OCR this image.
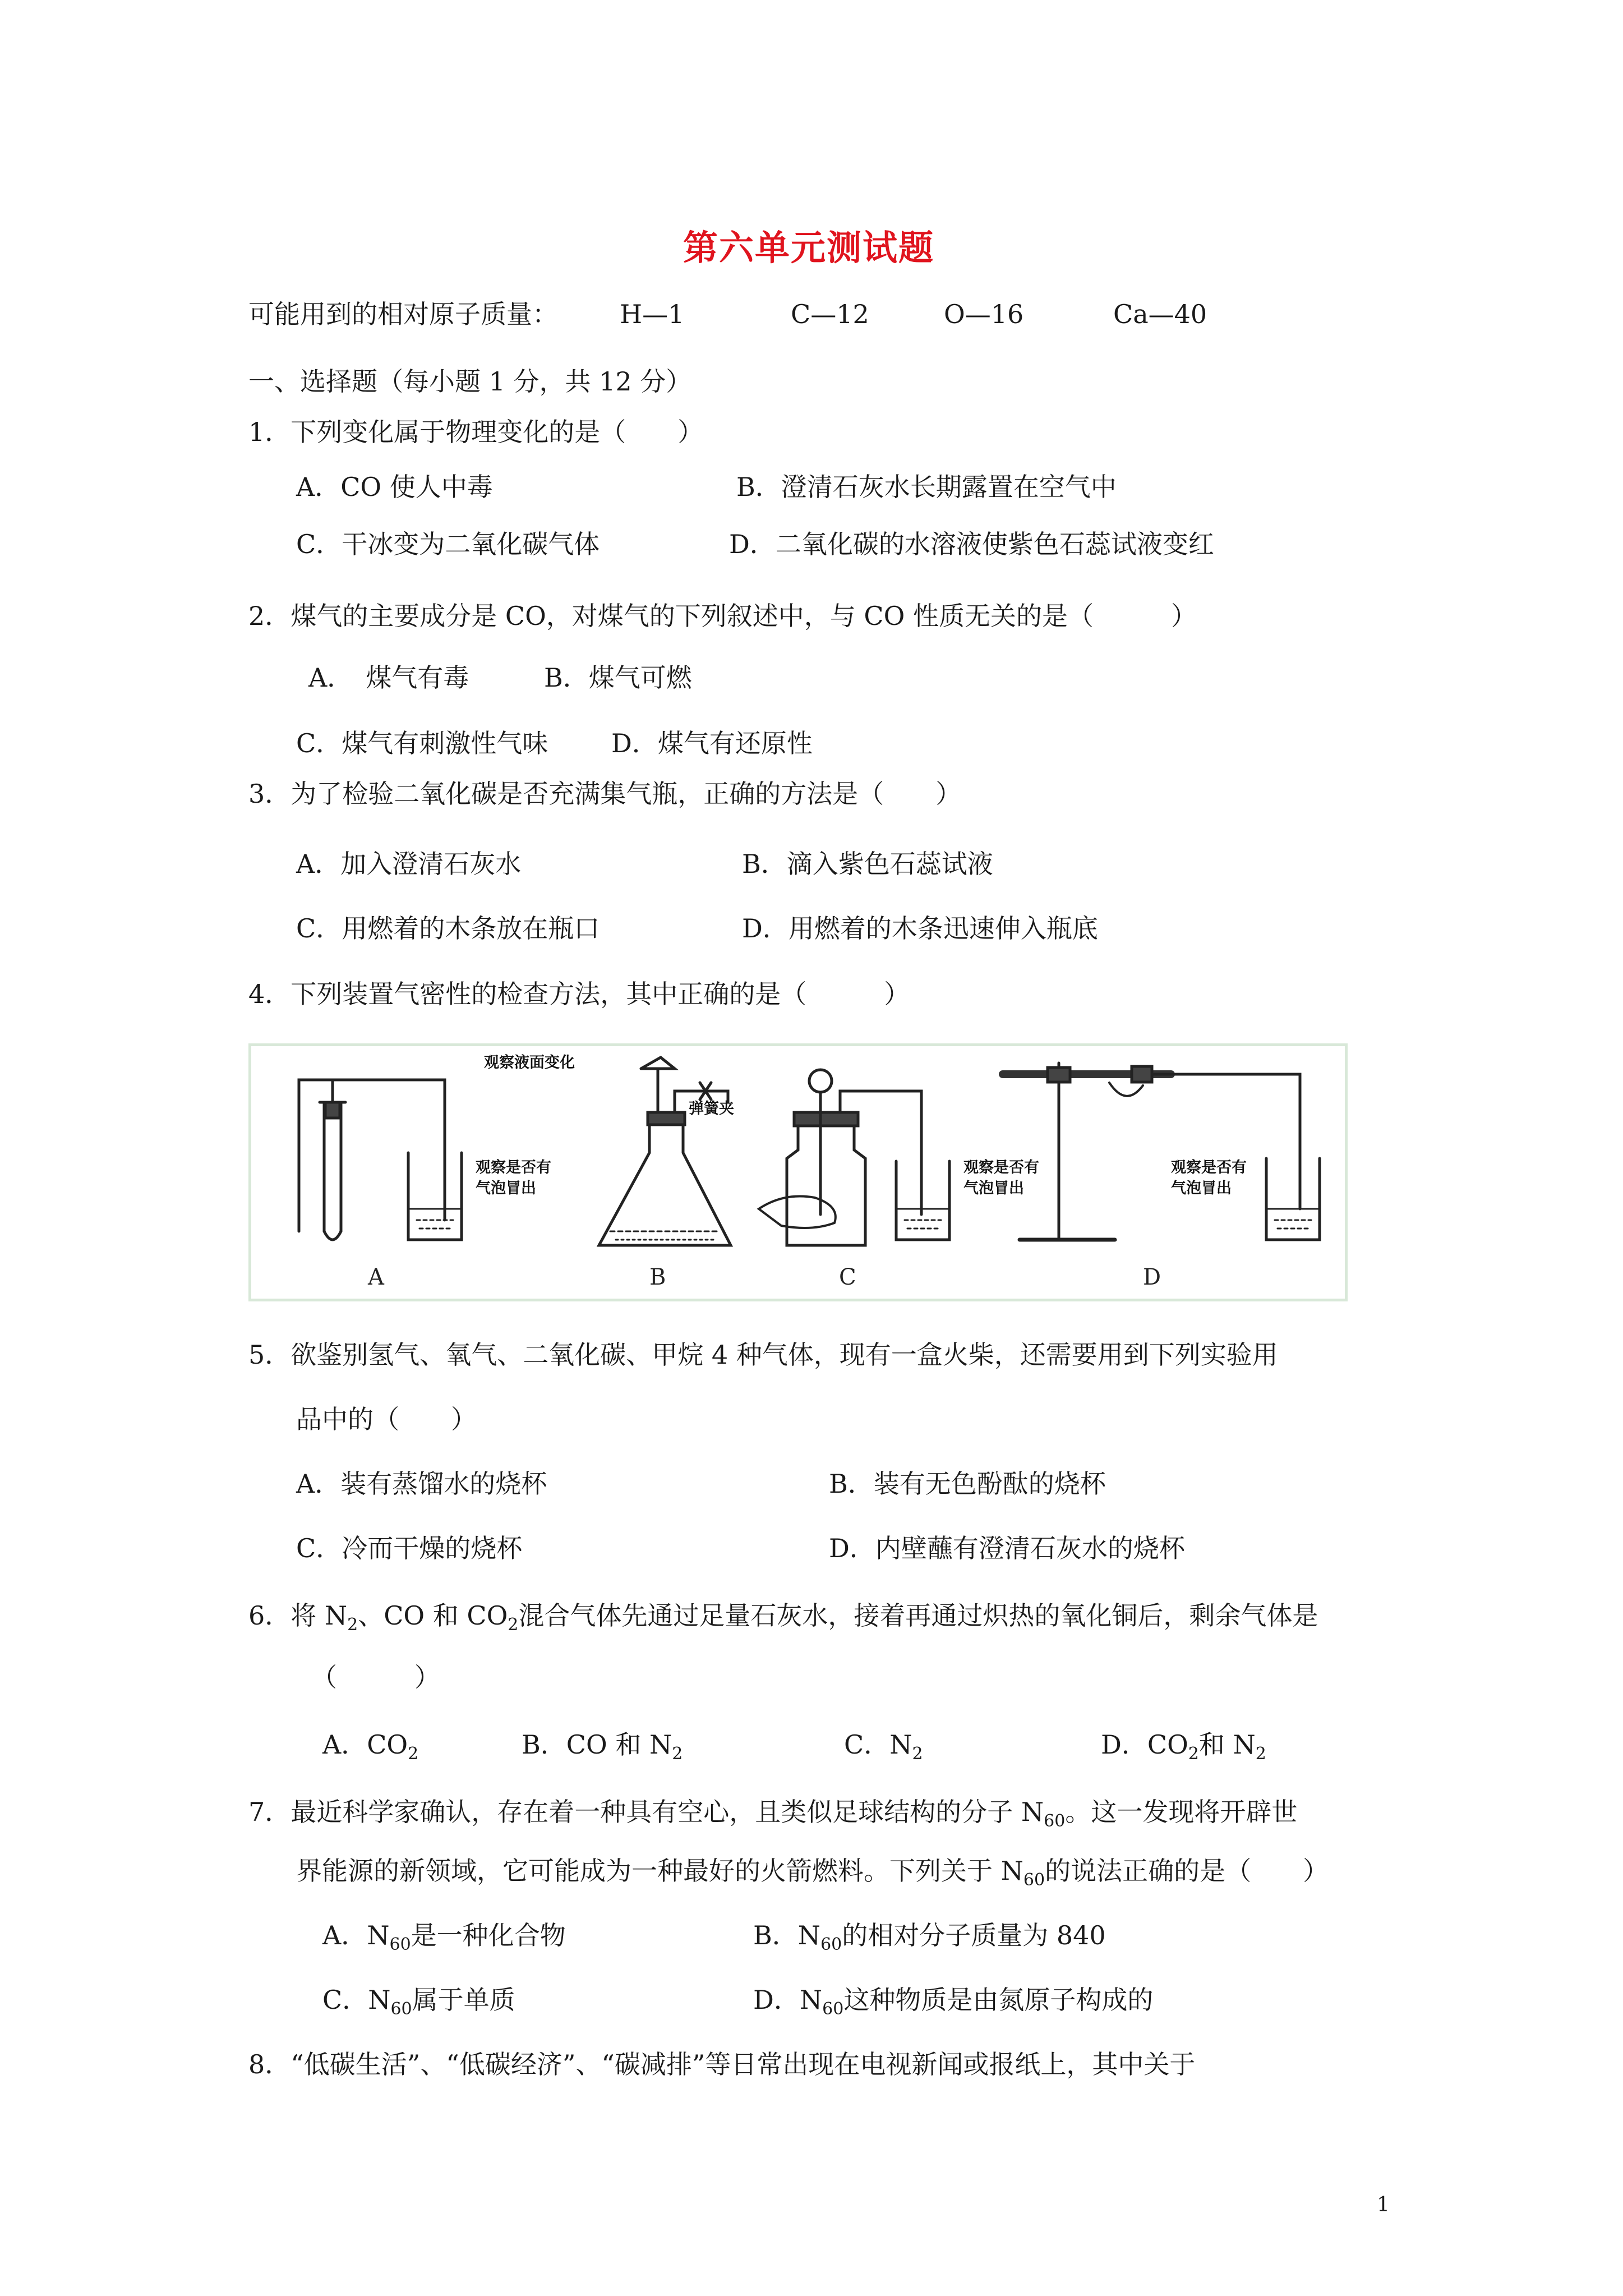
第六单元测试题
可能用到的相对原子质量： H—1	C—12	O—16	Ca—40
一、选择题（每小题 1 分，共 12 分）
1．下列变化属于物理变化的是（　　）
A．CO 使人中毒	B．澄清石灰水长期露置在空气中
C．干冰变为二氧化碳气体	D．二氧化碳的水溶液使紫色石蕊试液变红
2．煤气的主要成分是 CO，对煤气的下列叙述中，与 CO 性质无关的是（　　　）
A．　煤气有毒	B．煤气可燃
C．煤气有刺激性气味 D．煤气有还原性
3．为了检验二氧化碳是否充满集气瓶，正确的方法是（　　）
A．加入澄清石灰水	B．滴入紫色石蕊试液
C．用燃着的木条放在瓶口	D．用燃着的木条迅速伸入瓶底
4．下列装置气密性的检查方法，其中正确的是（　　　）
观察是否有
气泡冒出
观察液面变化
弹簧夹
观察是否有
气泡冒出
观察是否有
气泡冒出
A	B	C	D
5．欲鉴别氢气、氧气、二氧化碳、甲烷 4 种气体，现有一盒火柴，还需要用到下列实验用
品中的（　　）
A．装有蒸馏水的烧杯	B．装有无色酚酞的烧杯
C．冷而干燥的烧杯	D．内壁蘸有澄清石灰水的烧杯
6．将 $N_2$、CO 和 $CO_2$混合气体先通过足量石灰水，接着再通过炽热的氧化铜后，剩余气体是
（　　　）
A．$CO_2$	B．CO 和 $N_2$	C．$N_2$	D．$CO_2$和 $N_2$
7．最近科学家确认，存在着一种具有空心，且类似足球结构的分子 $N_{60}$。这一发现将开辟世
界能源的新领域，它可能成为一种最好的火箭燃料。下列关于 $N_{60}$的说法正确的是（　　）
A．$N_{60}$是一种化合物	B．$N_{60}$的相对分子质量为 840
C．$N_{60}$属于单质	D．$N_{60}$这种物质是由氮原子构成的
8．“低碳生活”、“低碳经济”、“碳减排”等日常出现在电视新闻或报纸上，其中关于
1
